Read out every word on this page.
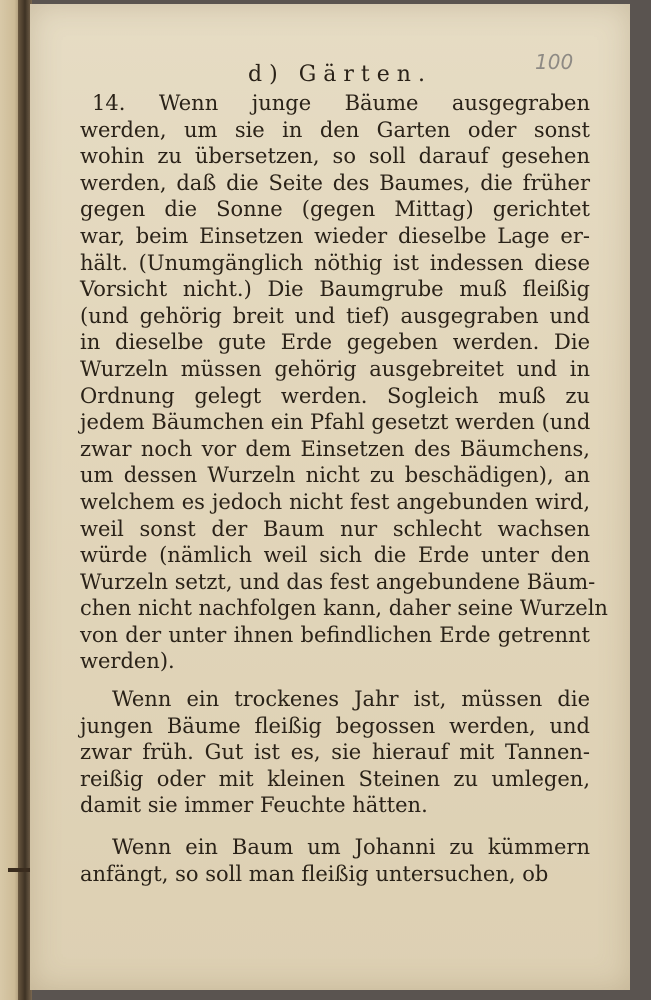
100
d) Gärten.
14. Wenn junge Bäume ausgegraben
werden, um sie in den Garten oder sonst
wohin zu übersetzen, so soll darauf gesehen
werden, daß die Seite des Baumes, die früher
gegen die Sonne (gegen Mittag) gerichtet
war, beim Einsetzen wieder dieselbe Lage er-
hält. (Unumgänglich nöthig ist indessen diese
Vorsicht nicht.) Die Baumgrube muß fleißig
(und gehörig breit und tief) ausgegraben und
in dieselbe gute Erde gegeben werden. Die
Wurzeln müssen gehörig ausgebreitet und in
Ordnung gelegt werden. Sogleich muß zu
jedem Bäumchen ein Pfahl gesetzt werden (und
zwar noch vor dem Einsetzen des Bäumchens,
um dessen Wurzeln nicht zu beschädigen), an
welchem es jedoch nicht fest angebunden wird,
weil sonst der Baum nur schlecht wachsen
würde (nämlich weil sich die Erde unter den
Wurzeln setzt, und das fest angebundene Bäum-
chen nicht nachfolgen kann, daher seine Wurzeln
von der unter ihnen befindlichen Erde getrennt
werden).
Wenn ein trockenes Jahr ist, müssen die
jungen Bäume fleißig begossen werden, und
zwar früh. Gut ist es, sie hierauf mit Tannen-
reißig oder mit kleinen Steinen zu umlegen,
damit sie immer Feuchte hätten.
Wenn ein Baum um Johanni zu kümmern
anfängt, so soll man fleißig untersuchen, ob
